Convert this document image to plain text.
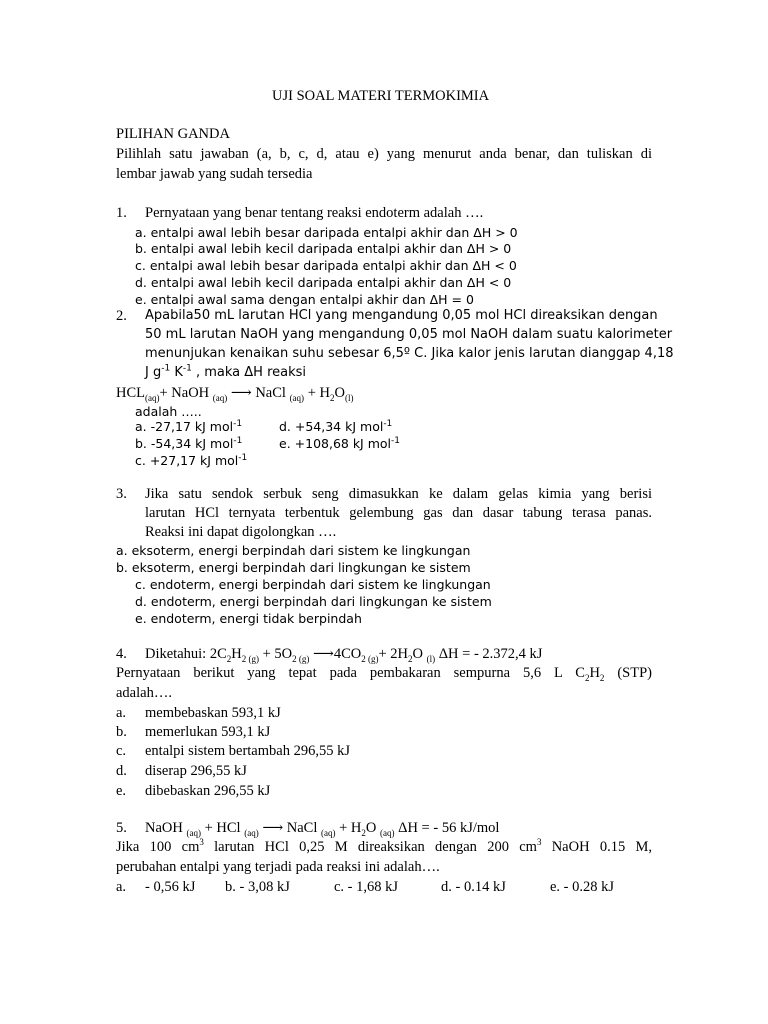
UJI SOAL MATERI TERMOKIMIA
PILIHAN GANDA
Pilihlah satu jawaban (a, b, c, d, atau e) yang menurut anda benar, dan tuliskan di
lembar jawab yang sudah tersedia
1. Pernyataan yang benar tentang reaksi endoterm adalah ….
a. entalpi awal lebih besar daripada entalpi akhir dan ΔH > 0
b. entalpi awal lebih kecil daripada entalpi akhir dan ΔH > 0
c. entalpi awal lebih besar daripada entalpi akhir dan ΔH < 0
d. entalpi awal lebih kecil daripada entalpi akhir dan ΔH < 0
e. entalpi awal sama dengan entalpi akhir dan ΔH = 0
2. Apabila50 mL larutan HCl yang mengandung 0,05 mol HCl direaksikan dengan
50 mL larutan NaOH yang mengandung 0,05 mol NaOH dalam suatu kalorimeter
menunjukan kenaikan suhu sebesar 6,5º C. Jika kalor jenis larutan dianggap 4,18
J $g^{-1}$ $K^{-1}$ , maka ΔH reaksi
$HCL_{(aq)}+$ NaOH $_{(aq)}$ ⟶ NaCl $_{(aq)} + H_2O_{(l)}$
adalah …..
a. -27,17 kJ mol$^{-1}$	d. +54,34 kJ mol$^{-1}$
b. -54,34 kJ mol$^{-1}$	e. +108,68 kJ mol$^{-1}$
c. +27,17 kJ mol$^{-1}$
3. Jika satu sendok serbuk seng dimasukkan ke dalam gelas kimia yang berisi
larutan HCl ternyata terbentuk gelembung gas dan dasar tabung terasa panas.
Reaksi ini dapat digolongkan ….
a. eksoterm, energi berpindah dari sistem ke lingkungan
b. eksoterm, energi berpindah dari lingkungan ke sistem
c. endoterm, energi berpindah dari sistem ke lingkungan
d. endoterm, energi berpindah dari lingkungan ke sistem
e. endoterm, energi tidak berpindah
4. Diketahui: $2C_2H_2$ $_{(g)} + 5O_2$ $_{(g)}$ $⟶4CO_2$ $_{(g)}+ 2H_2O$ $_{(l)}$ ΔH = - 2.372,4 kJ
Pernyataan berikut yang tepat pada pembakaran sempurna 5,6 L $C_2H_2$ (STP)
adalah….
a. membebaskan 593,1 kJ
b. memerlukan 593,1 kJ
c. entalpi sistem bertambah 296,55 kJ
d. diserap 296,55 kJ
e. dibebaskan 296,55 kJ
5. NaOH $_{(aq)}$ + HCl $_{(aq)}$ ⟶ NaCl $_{(aq)} + H_2O$ $_{(aq)}$ ΔH = - 56 kJ/mol
Jika 100 $cm^3$ larutan HCl 0,25 M direaksikan dengan 200 $cm^3$ NaOH 0.15 M,
perubahan entalpi yang terjadi pada reaksi ini adalah….
a. - 0,56 kJ b. - 3,08 kJ	c. - 1,68 kJ	d. - 0.14 kJ	e. - 0.28 kJ
